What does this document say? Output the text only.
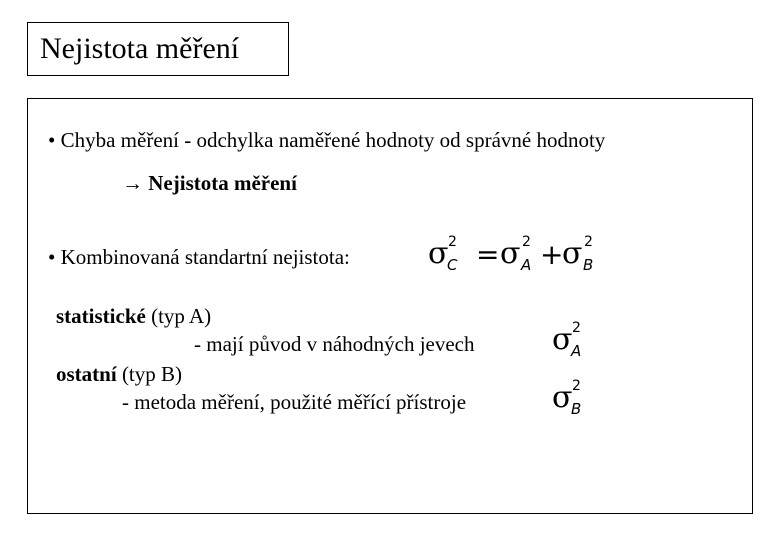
Nejistota měření
• Chyba měření - odchylka naměřené hodnoty od správné hodnoty
→ Nejistota měření
• Kombinovaná standartní nejistota:	σ 2
C = σ 2
A +
σ 2
B
statistické (typ A)
- mají původ v náhodných jevech	σ 2
A
ostatní (typ B)
- metoda měření, použité měřící přístroje	σ 2
B
